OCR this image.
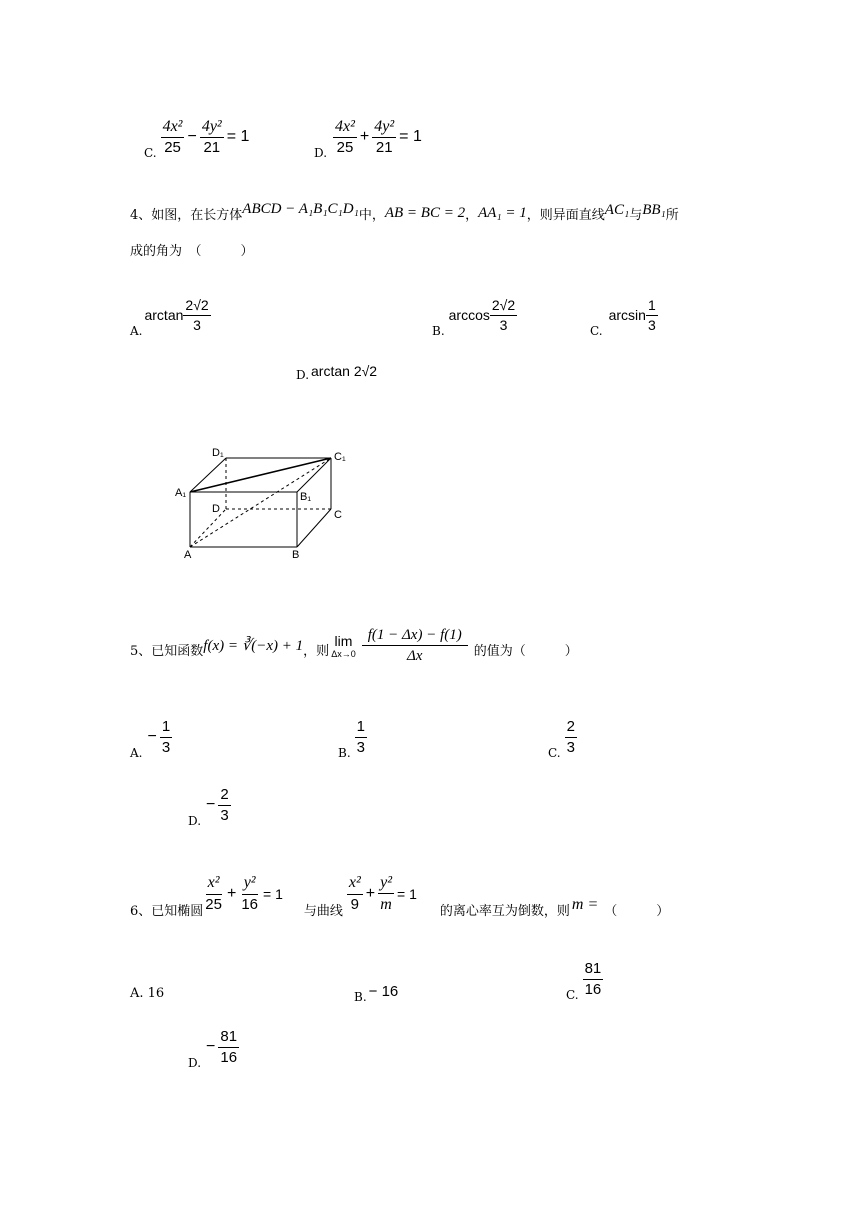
C. $\frac{\text{4x²}}{25} - \frac{\text{4y²}}{21} = 1$
D. $\frac{\text{4x²}}{25} + \frac{\text{4y²}}{21} = 1$
4、如图，在长方体 ABCD − A₁B₁C₁D₁ 中， AB = BC = 2 ， AA₁ = 1 ，则异面直线 AC₁ 与 BB₁ 所
成的角为　（　　　）
A.
$\arctan \frac{2√2}{3}$	B.
$\arccos \frac{2√2}{3}$	C.
$\arcsin \frac{1}{3}$
D. arctan 2√2
A	B
C
D
A₁	B₁
C₁
D₁
5、已知函数 f(x) = ∛(−x) + 1 ，则
lim
$\Delta x\to 0 \frac{f(1 - \Delta x) - f(1)}{\Delta x}$ 的值为（　　　）
A.
− $\frac{1}{3}$	B. $\frac{1}{3}$	C. $\frac{2}{3}$
D.
− $\frac{2}{3}$
6、已知椭圆 $\frac{\text{x²}}{25} + \frac{\text{y²}}{16} = 1$
与曲线 $\frac{\text{x²}}{9} + \frac{\text{y²}}{m} = 1$
的离心率互为倒数，则 m = （　　　）
A. 16	B. − 16	C. $\frac{81}{16}$
D.
− $\frac{81}{16}$
